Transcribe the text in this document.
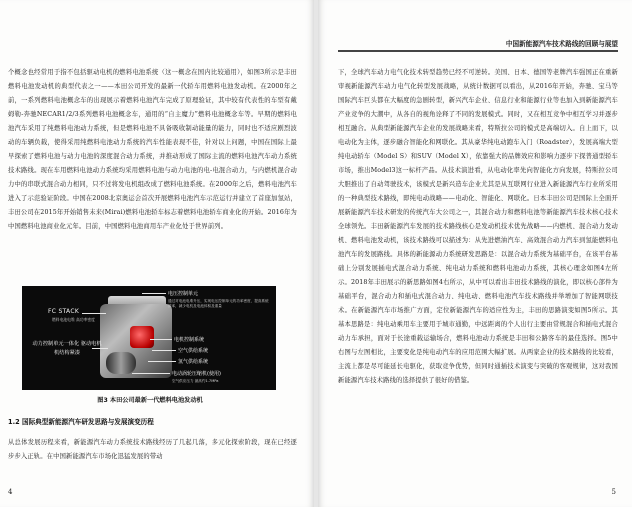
个概念也经常用于指不包括驱动电机的燃料电池系统（这一概念在国内比较通用），如图3所示是丰田燃料电池发动机的典型代表之一——本田公司开发的最新一代轿车用燃料电池发动机。在2000年之前，一系列燃料电池概念车的出现展示着燃料电池汽车完成了原理验证，其中较有代表性的车型有戴姆勒-奔驰NECAR1/2/3系列燃料电池概念车，通用的“自主魔力”燃料电池概念车等。早期的燃料电池汽车采用了纯燃料电池动力系统，但是燃料电池不具备吸收制动能量的能力，同时也不适应剧烈波动的车辆负载，使得采用纯燃料电池动力系统的汽车性能表现不佳，针对以上问题，中国在国际上最早探索了燃料电池与动力电池的深度混合动力系统，并推动形成了国际主流的燃料电池汽车动力系统技术路线。现在车用燃料电池动力系统均采用燃料电池与动力电池的电-电混合动力，与内燃机混合动力中的串联式混合动力相同，只不过将发电机组改成了燃料电池系统。在2000年之后，燃料电池汽车进入了示范验证阶段。中国在2008北京奥运会首次开展燃料电池汽车示范运行并建立了首座加氢站，丰田公司在2015年开始销售未来(Mirai)燃料电池轿车标志着燃料电池轿车商业化的开始。2016年为中国燃料电池商业化元年。目前，中国燃料电池商用车产业化处于世界前列。

FC STACK
燃料电池电堆 高功率密度
电压控制单元
通过对电池电堆升压，实现电压控制单元的功率密度，提高系统效率，减少电机及电池体积及重量
动力控制单元一体化 驱动电机机结构紧凑
电机控制系统
空气供给系统
氢气供给系统
电动涡轮压缩机(使用)
空气供应压力 最高约1.7MPa
图3 本田公司最新一代燃料电池发动机
1.2 国际典型新能源汽车研发思路与发展演变历程

从总体发展历程来看，新能源汽车动力系统技术路线经历了几起几落，多元化探索阶段，现在已经逐步步入正轨。在中国新能源汽车市场化迅猛发展的带动

4
中国新能源汽车技术路线的回顾与展望

下，全球汽车动力电气化技术转型趋势已经不可逆转。美国、日本、德国等老牌汽车强国正在重新审视新能源汽车动力电气化转型发展战略，从统计数据可以看出，从2016年开始，奔驰、宝马等国际汽车巨头都在大幅度的急剧转型，新兴汽车企业、信息行业和能源行业等也加入到新能源汽车产业竞争的大潮中，从各自的视角诠释了不同的发展模式。同时，又在相互竞争中相互学习并逐步相互融合。从典型新能源汽车企业的发展战略来看，特斯拉公司的模式是高端切入。自上而下，以电动化为主体，逐步融合智能化和网联化。其从豪华纯电动跑车入门（Roadster），发展高端大型纯电动轿车（Model S）和SUV（Model X），依靠强大的品牌效应和影响力逐步下探普通型轿车市场，推出Model3这一标杆产品。从技术演进看，从电动化率先向智能化方向发展，特斯拉公司大胆推出了自动驾驶技术，该模式是新兴造车企业尤其是从互联网行业进入新能源汽车行业所采用的一种典型技术路线，即纯电动战略——电动化、智能化、网联化。日本丰田公司是国际上全面开展新能源汽车技术研发的传统汽车大公司之一，其混合动力和燃料电池等新能源汽车技术核心技术全球领先。丰田新能源汽车发展的技术路线核心是发动机技术优先战略——内燃机、混合动力发动机、燃料电池发动机，该技术路线可以描述为：从先进燃油汽车、高效混合动力汽车到氢能燃料电池汽车的发展路线。具体的新能源动力系统研发思路是：以混合动力系统为基础平台，在该平台基础上分别发展插电式混合动力系统、纯电动力系统和燃料电池动力系统，其核心理念如图4左所示。2018年丰田展示的新思路如图4右所示，从中可以看出丰田技术路线的演化，即以核心部件为基础平台，混合动力和插电式混合动力、纯电动、燃料电池汽车技术路线并举增加了智能网联技术。在新能源汽车市场推广方面，定位新能源汽车的适应性为主，丰田的思路演变如图5所示。其基本思路是：纯电动乘用车主要用于城市通勤，中远距离的个人出行主要由常规混合和插电式混合动力车承担，面对于长途重载运输场合，燃料电池动力系统是丰田和公路客车的最佳选择。图5中右图与左图相比，主要变化是纯电动汽车的应用范围大幅扩展。从两家企业的技术路线的比较看，主流上都是尽可能延长电驱化，获取竞争优势，但同时通插技术演变与突破的客观规律，这对我国新能源汽车技术路线的选择提供了很好的借鉴。

5
